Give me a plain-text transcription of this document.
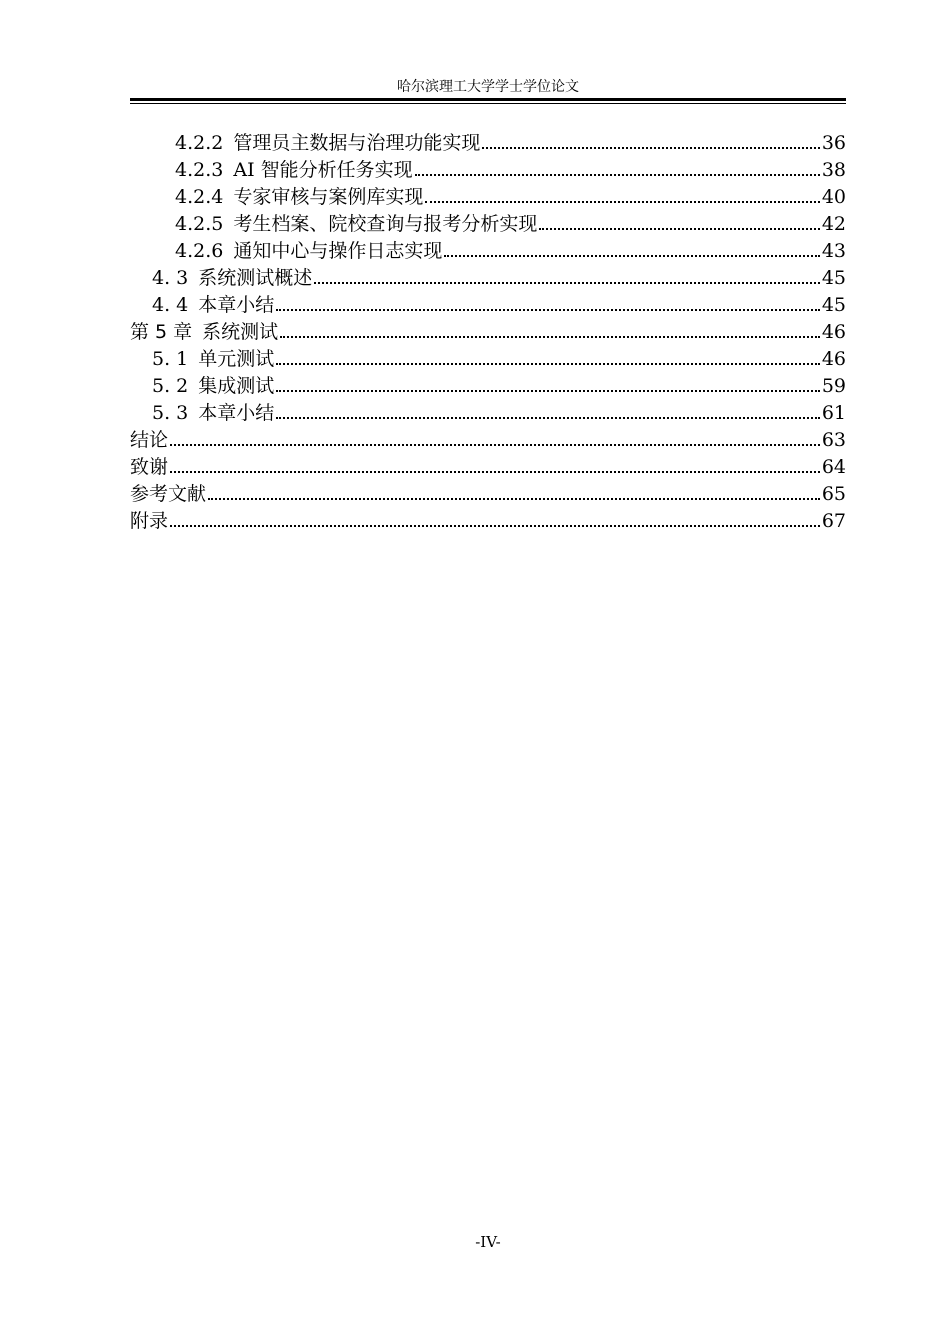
哈尔滨理工大学学士学位论文
4.2.2 管理员主数据与治理功能实现	36
4.2.3 AI 智能分析任务实现	38
4.2.4 专家审核与案例库实现	40
4.2.5 考生档案、院校查询与报考分析实现	42
4.2.6 通知中心与操作日志实现	43
4. 3 系统测试概述	45
4. 4 本章小结	45
第 5 章 系统测试	46
5. 1 单元测试	46
5. 2 集成测试	59
5. 3 本章小结	61
结论	63
致谢	64
参考文献	65
附录	67
-IV-
